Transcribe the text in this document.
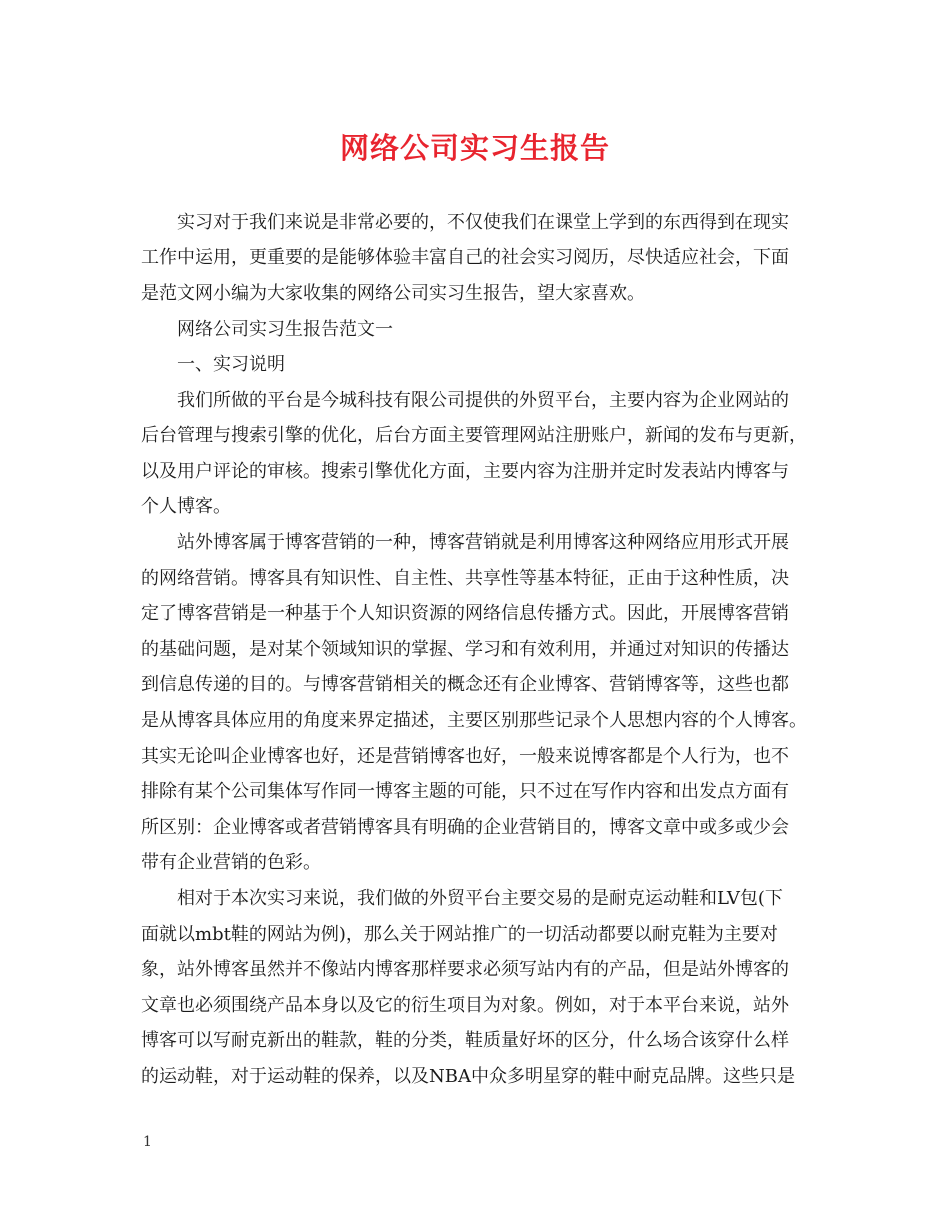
网络公司实习生报告
实习对于我们来说是非常必要的，不仅使我们在课堂上学到的东西得到在现实
工作中运用，更重要的是能够体验丰富自己的社会实习阅历，尽快适应社会，下面
是范文网小编为大家收集的网络公司实习生报告，望大家喜欢。
网络公司实习生报告范文一
一、实习说明
我们所做的平台是今城科技有限公司提供的外贸平台，主要内容为企业网站的
后台管理与搜索引擎的优化，后台方面主要管理网站注册账户，新闻的发布与更新，
以及用户评论的审核。搜索引擎优化方面，主要内容为注册并定时发表站内博客与
个人博客。
站外博客属于博客营销的一种，博客营销就是利用博客这种网络应用形式开展
的网络营销。博客具有知识性、自主性、共享性等基本特征，正由于这种性质，决
定了博客营销是一种基于个人知识资源的网络信息传播方式。因此，开展博客营销
的基础问题，是对某个领域知识的掌握、学习和有效利用，并通过对知识的传播达
到信息传递的目的。与博客营销相关的概念还有企业博客、营销博客等，这些也都
是从博客具体应用的角度来界定描述，主要区别那些记录个人思想内容的个人博客。
其实无论叫企业博客也好，还是营销博客也好，一般来说博客都是个人行为，也不
排除有某个公司集体写作同一博客主题的可能，只不过在写作内容和出发点方面有
所区别：企业博客或者营销博客具有明确的企业营销目的，博客文章中或多或少会
带有企业营销的色彩。
相对于本次实习来说，我们做的外贸平台主要交易的是耐克运动鞋和LV包(下
面就以mbt鞋的网站为例)，那么关于网站推广的一切活动都要以耐克鞋为主要对
象，站外博客虽然并不像站内博客那样要求必须写站内有的产品，但是站外博客的
文章也必须围绕产品本身以及它的衍生项目为对象。例如，对于本平台来说，站外
博客可以写耐克新出的鞋款，鞋的分类，鞋质量好坏的区分，什么场合该穿什么样
的运动鞋，对于运动鞋的保养，以及NBA中众多明星穿的鞋中耐克品牌。这些只是
1
